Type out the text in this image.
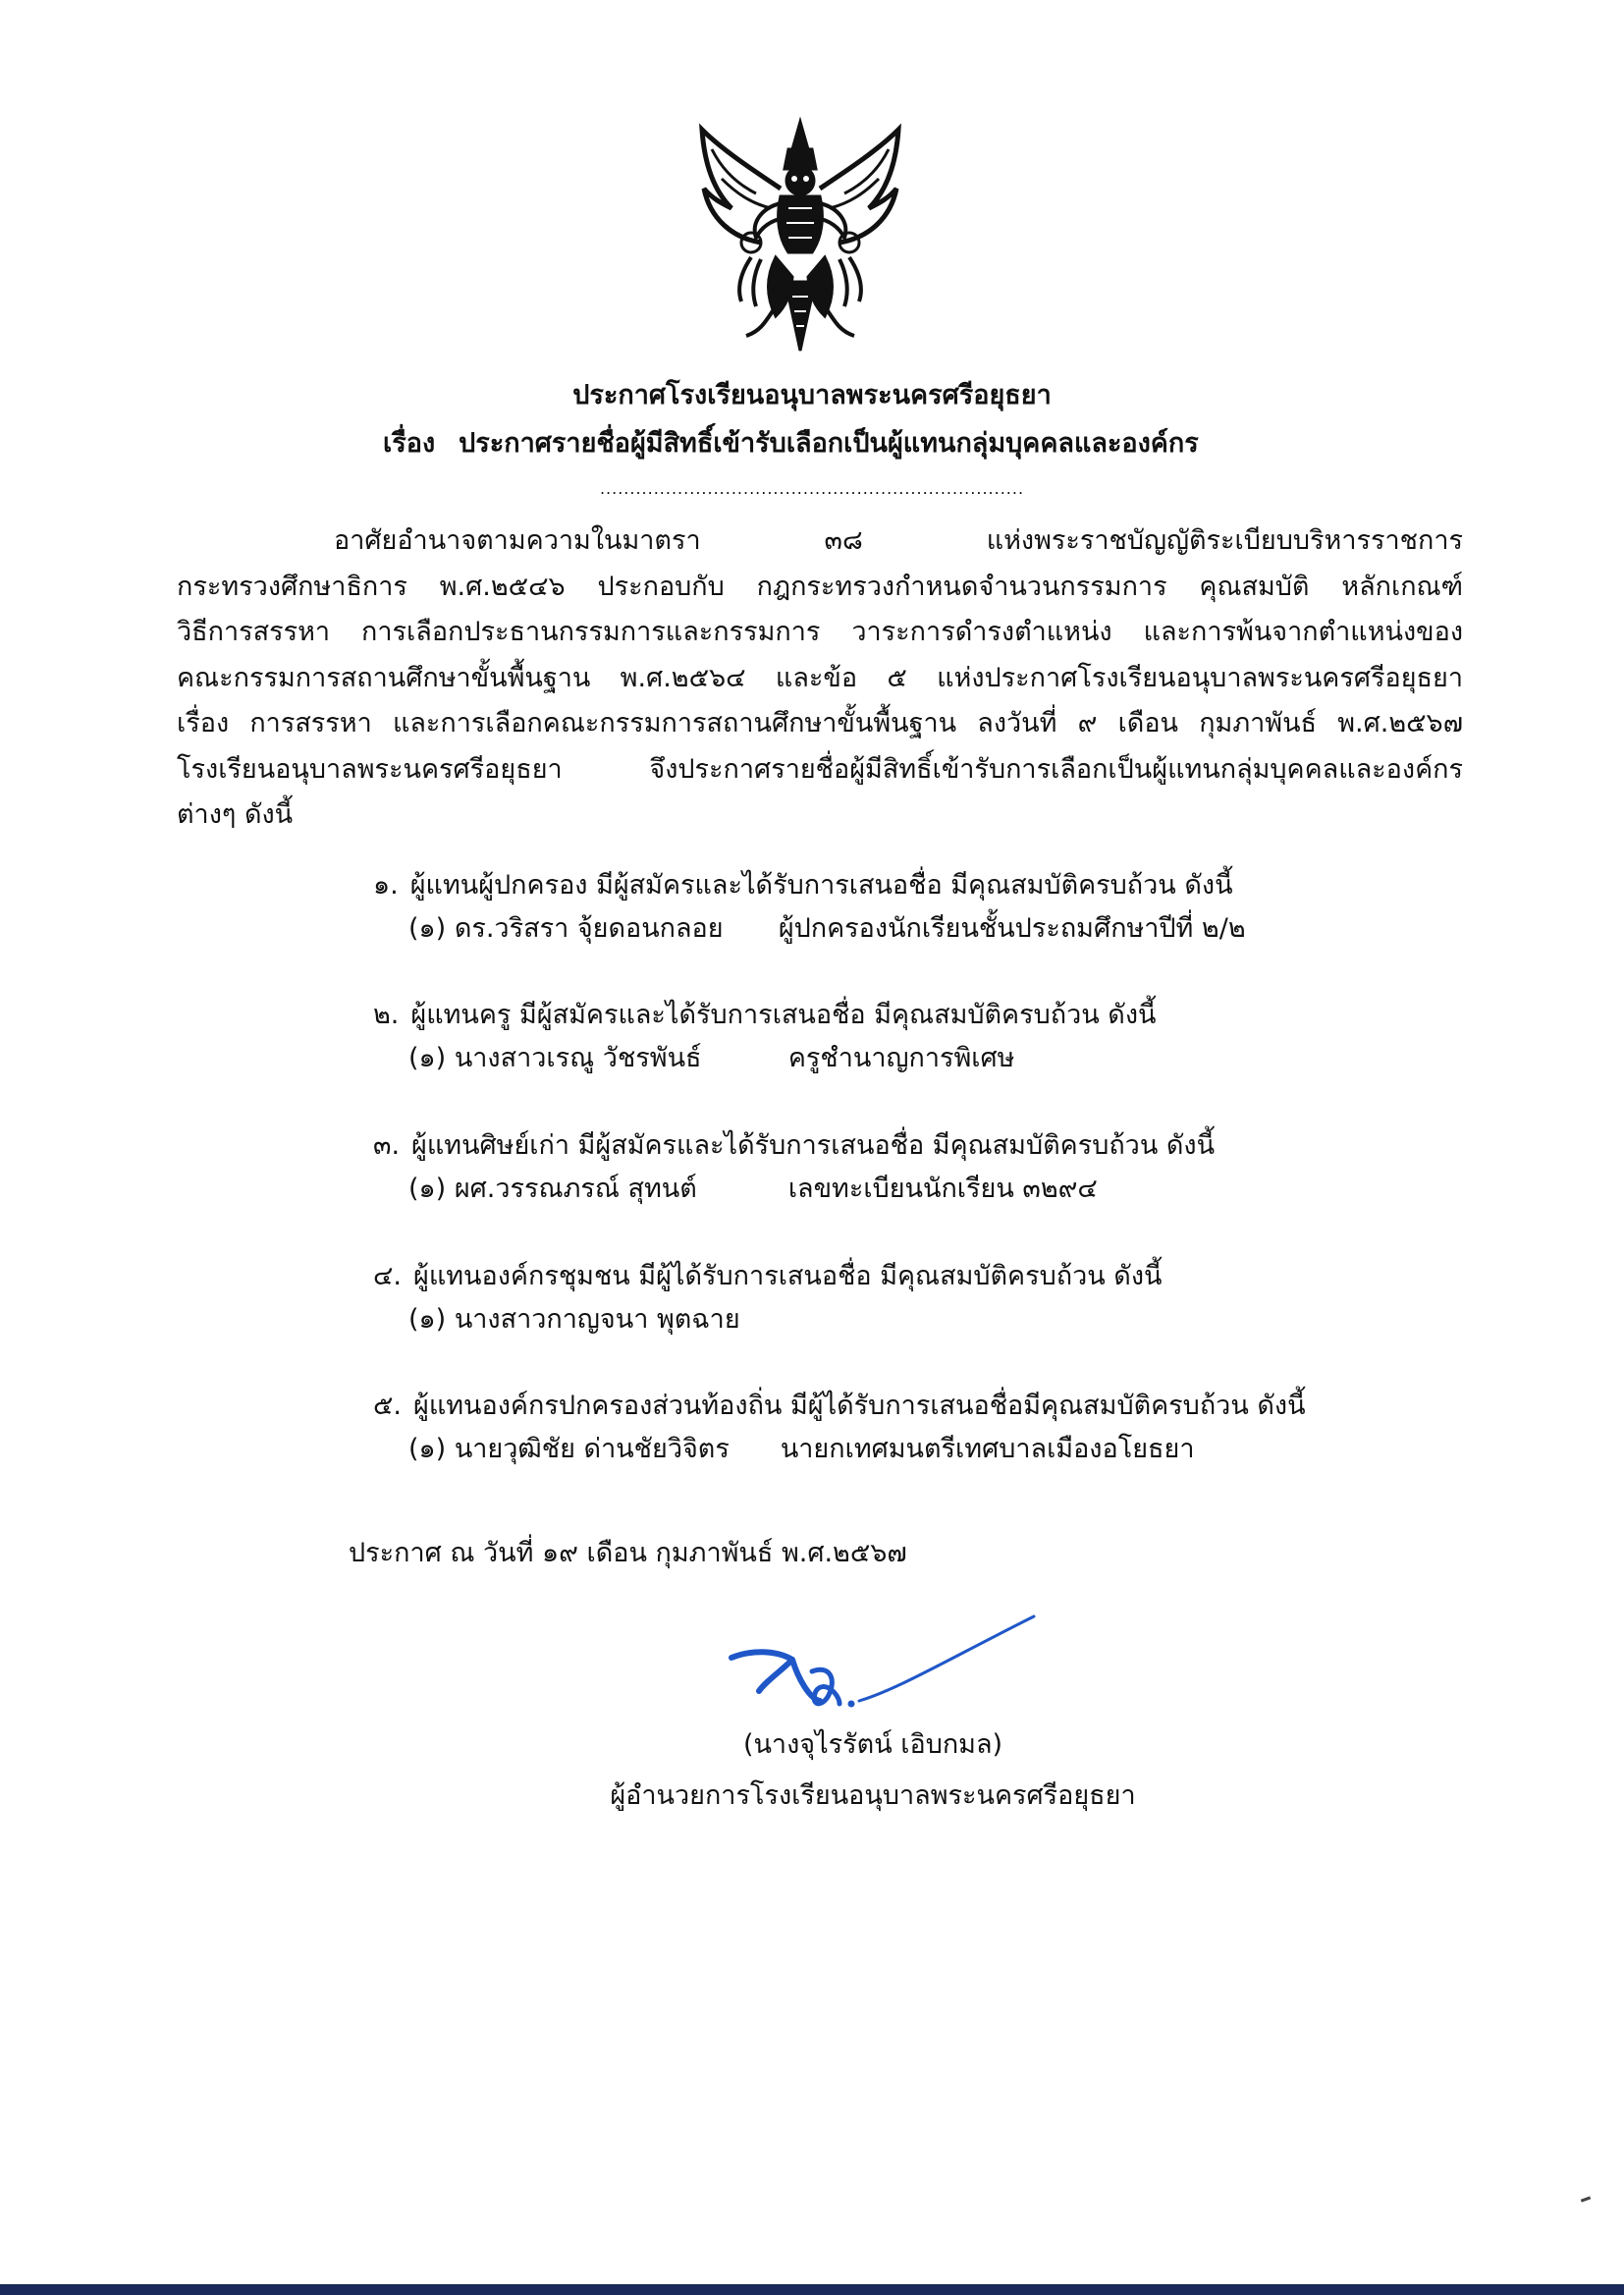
ประกาศโรงเรียนอนุบาลพระนครศรีอยุธยา
เรื่อง ประกาศรายชื่อผู้มีสิทธิ์เข้ารับเลือกเป็นผู้แทนกลุ่มบุคคลและองค์กร
.......................................................................
อาศัยอำนาจตามความในมาตรา ๓๘ แห่งพระราชบัญญัติระเบียบบริหารราชการ
กระทรวงศึกษาธิการ พ.ศ.๒๕๔๖ ประกอบกับ กฎกระทรวงกำหนดจำนวนกรรมการ คุณสมบัติ หลักเกณฑ์
วิธีการสรรหา การเลือกประธานกรรมการและกรรมการ วาระการดำรงตำแหน่ง และการพ้นจากตำแหน่งของ
คณะกรรมการสถานศึกษาขั้นพื้นฐาน พ.ศ.๒๕๖๔ และข้อ ๕ แห่งประกาศโรงเรียนอนุบาลพระนครศรีอยุธยา
เรื่อง การสรรหา และการเลือกคณะกรรมการสถานศึกษาขั้นพื้นฐาน ลงวันที่ ๙ เดือน กุมภาพันธ์ พ.ศ.๒๕๖๗
โรงเรียนอนุบาลพระนครศรีอยุธยา จึงประกาศรายชื่อผู้มีสิทธิ์เข้ารับการเลือกเป็นผู้แทนกลุ่มบุคคลและองค์กร
ต่างๆ ดังนี้
๑. ผู้แทนผู้ปกครอง มีผู้สมัครและได้รับการเสนอชื่อ มีคุณสมบัติครบถ้วน ดังนี้
(๑) ดร.วริสรา จุ้ยดอนกลอย ผู้ปกครองนักเรียนชั้นประถมศึกษาปีที่ ๒/๒
๒. ผู้แทนครู มีผู้สมัครและได้รับการเสนอชื่อ มีคุณสมบัติครบถ้วน ดังนี้
(๑) นางสาวเรณู วัชรพันธ์	ครูชำนาญการพิเศษ
๓. ผู้แทนศิษย์เก่า มีผู้สมัครและได้รับการเสนอชื่อ มีคุณสมบัติครบถ้วน ดังนี้
(๑) ผศ.วรรณภรณ์ สุทนต์	เลขทะเบียนนักเรียน ๓๒๙๔
๔. ผู้แทนองค์กรชุมชน มีผู้ได้รับการเสนอชื่อ มีคุณสมบัติครบถ้วน ดังนี้
(๑) นางสาวกาญจนา พุตฉาย
๕. ผู้แทนองค์กรปกครองส่วนท้องถิ่น มีผู้ได้รับการเสนอชื่อมีคุณสมบัติครบถ้วน ดังนี้
(๑) นายวุฒิชัย ด่านชัยวิจิตร นายกเทศมนตรีเทศบาลเมืองอโยธยา
ประกาศ ณ วันที่ ๑๙ เดือน กุมภาพันธ์ พ.ศ.๒๕๖๗
(นางจุไรรัตน์ เอิบกมล)
ผู้อำนวยการโรงเรียนอนุบาลพระนครศรีอยุธยา
